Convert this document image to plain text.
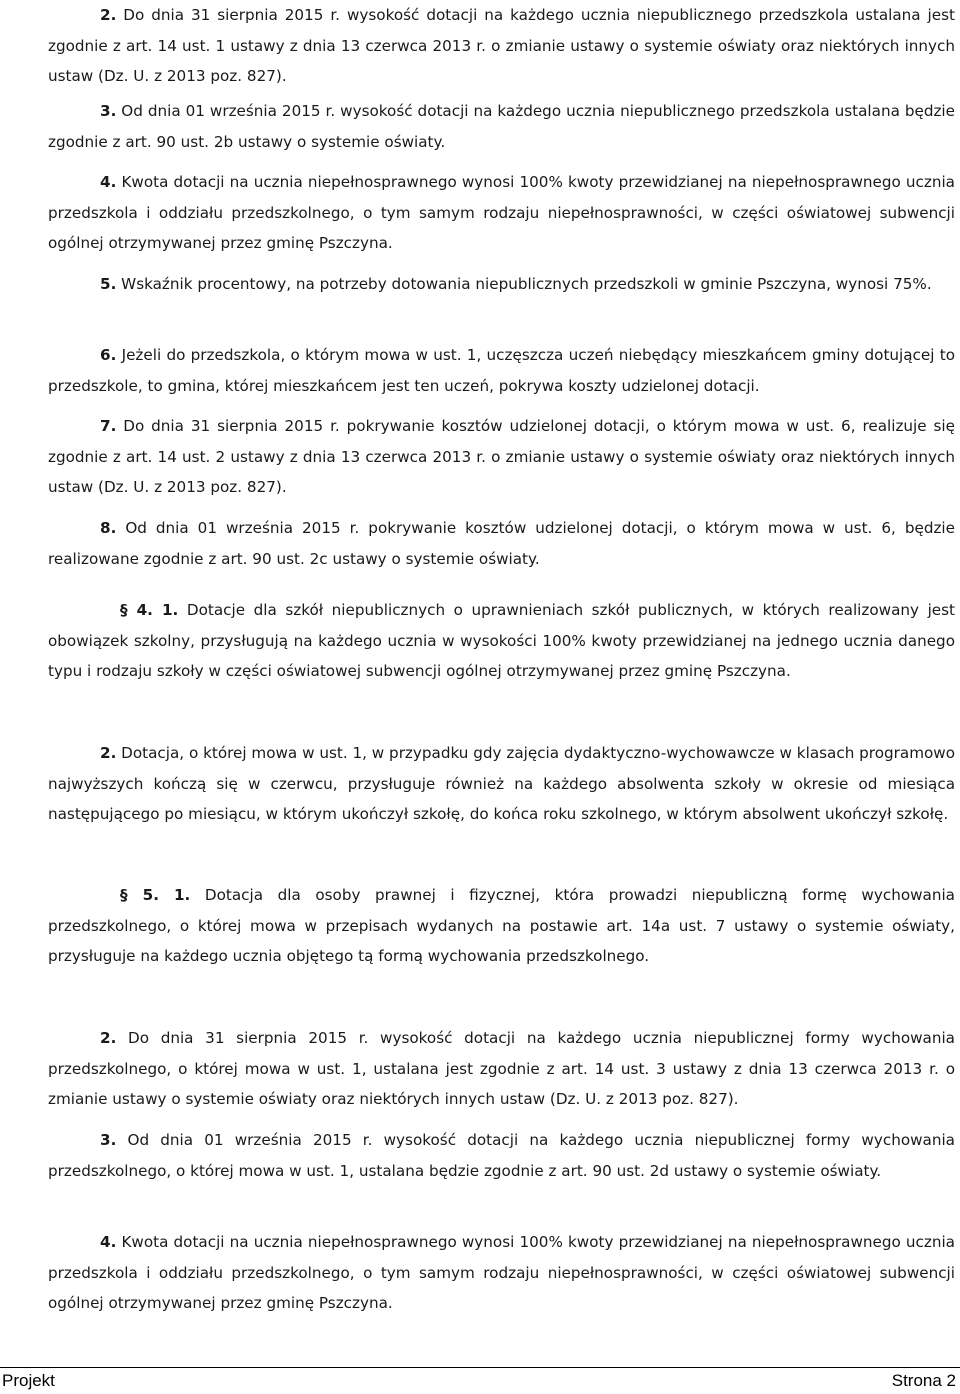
2. Do dnia 31 sierpnia 2015 r. wysokość dotacji na każdego ucznia niepublicznego przedszkola ustalana jest zgodnie z art. 14 ust. 1 ustawy z dnia 13 czerwca 2013 r. o zmianie ustawy o systemie oświaty oraz niektórych innych ustaw (Dz. U. z 2013 poz. 827).

3. Od dnia 01 września 2015 r. wysokość dotacji na każdego ucznia niepublicznego przedszkola ustalana będzie zgodnie z art. 90 ust. 2b ustawy o systemie oświaty.

4. Kwota dotacji na ucznia niepełnosprawnego wynosi 100% kwoty przewidzianej na niepełnosprawnego ucznia przedszkola i oddziału przedszkolnego, o tym samym rodzaju niepełnosprawności, w części oświatowej subwencji ogólnej otrzymywanej przez gminę Pszczyna.

5. Wskaźnik procentowy, na potrzeby dotowania niepublicznych przedszkoli w gminie Pszczyna, wynosi 75%.

6. Jeżeli do przedszkola, o którym mowa w ust. 1, uczęszcza uczeń niebędący mieszkańcem gminy dotującej to przedszkole, to gmina, której mieszkańcem jest ten uczeń, pokrywa koszty udzielonej dotacji.

7. Do dnia 31 sierpnia 2015 r. pokrywanie kosztów udzielonej dotacji, o którym mowa w ust. 6, realizuje się zgodnie z art. 14 ust. 2 ustawy z dnia 13 czerwca 2013 r. o zmianie ustawy o systemie oświaty oraz niektórych innych ustaw (Dz. U. z 2013 poz. 827).

8. Od dnia 01 września 2015 r. pokrywanie kosztów udzielonej dotacji, o którym mowa w ust. 6, będzie realizowane zgodnie z art. 90 ust. 2c ustawy o systemie oświaty.

§ 4. 1. Dotacje dla szkół niepublicznych o uprawnieniach szkół publicznych, w których realizowany jest obowiązek szkolny, przysługują na każdego ucznia w wysokości 100% kwoty przewidzianej na jednego ucznia danego typu i rodzaju szkoły w części oświatowej subwencji ogólnej otrzymywanej przez gminę Pszczyna.

2. Dotacja, o której mowa w ust. 1, w przypadku gdy zajęcia dydaktyczno-wychowawcze w klasach programowo najwyższych kończą się w czerwcu, przysługuje również na każdego absolwenta szkoły w okresie od miesiąca następującego po miesiącu, w którym ukończył szkołę, do końca roku szkolnego, w którym absolwent ukończył szkołę.

§ 5. 1. Dotacja dla osoby prawnej i fizycznej, która prowadzi niepubliczną formę wychowania przedszkolnego, o której mowa w przepisach wydanych na postawie art. 14a ust. 7 ustawy o systemie oświaty, przysługuje na każdego ucznia objętego tą formą wychowania przedszkolnego.

2. Do dnia 31 sierpnia 2015 r. wysokość dotacji na każdego ucznia niepublicznej formy wychowania przedszkolnego, o której mowa w ust. 1, ustalana jest zgodnie z art. 14 ust. 3 ustawy z dnia 13 czerwca 2013 r. o zmianie ustawy o systemie oświaty oraz niektórych innych ustaw (Dz. U. z 2013 poz. 827).

3. Od dnia 01 września 2015 r. wysokość dotacji na każdego ucznia niepublicznej formy wychowania przedszkolnego, o której mowa w ust. 1, ustalana będzie zgodnie z art. 90 ust. 2d ustawy o systemie oświaty.

4. Kwota dotacji na ucznia niepełnosprawnego wynosi 100% kwoty przewidzianej na niepełnosprawnego ucznia przedszkola i oddziału przedszkolnego, o tym samym rodzaju niepełnosprawności, w części oświatowej subwencji ogólnej otrzymywanej przez gminę Pszczyna.

Projekt	Strona 2
